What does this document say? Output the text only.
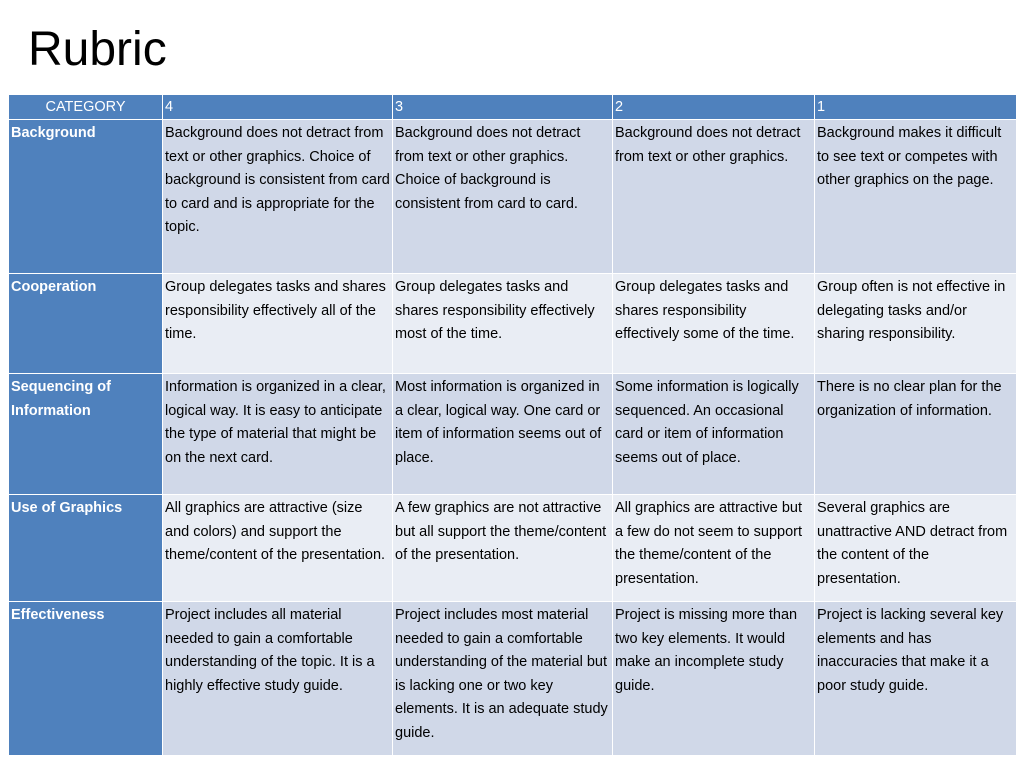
Rubric
CATEGORY	4	3	2	1
Background	Background does not detract from text or other graphics. Choice of background is consistent from card to card and is appropriate for the topic.	Background does not detract from text or other graphics. Choice of background is consistent from card to card.	Background does not detract from text or other graphics.	Background makes it difficult to see text or competes with other graphics on the page.
Cooperation	Group delegates tasks and shares responsibility effectively all of the time.	Group delegates tasks and shares responsibility effectively most of the time.	Group delegates tasks and shares responsibility effectively some of the time.	Group often is not effective in delegating tasks and/or sharing responsibility.
Sequencing of Information	Information is organized in a clear, logical way. It is easy to anticipate the type of material that might be on the next card.	Most information is organized in a clear, logical way. One card or item of information seems out of place.	Some information is logically sequenced. An occasional card or item of information seems out of place.	There is no clear plan for the organization of information.
Use of Graphics	All graphics are attractive (size and colors) and support the theme/content of the presentation.	A few graphics are not attractive but all support the theme/content of the presentation.	All graphics are attractive but a few do not seem to support the theme/content of the presentation.	Several graphics are unattractive AND detract from the content of the presentation.
Effectiveness	Project includes all material needed to gain a comfortable understanding of the topic. It is a highly effective study guide.	Project includes most material needed to gain a comfortable understanding of the material but is lacking one or two key elements. It is an adequate study guide.	Project is missing more than two key elements. It would make an incomplete study guide.	Project is lacking several key elements and has inaccuracies that make it a poor study guide.
